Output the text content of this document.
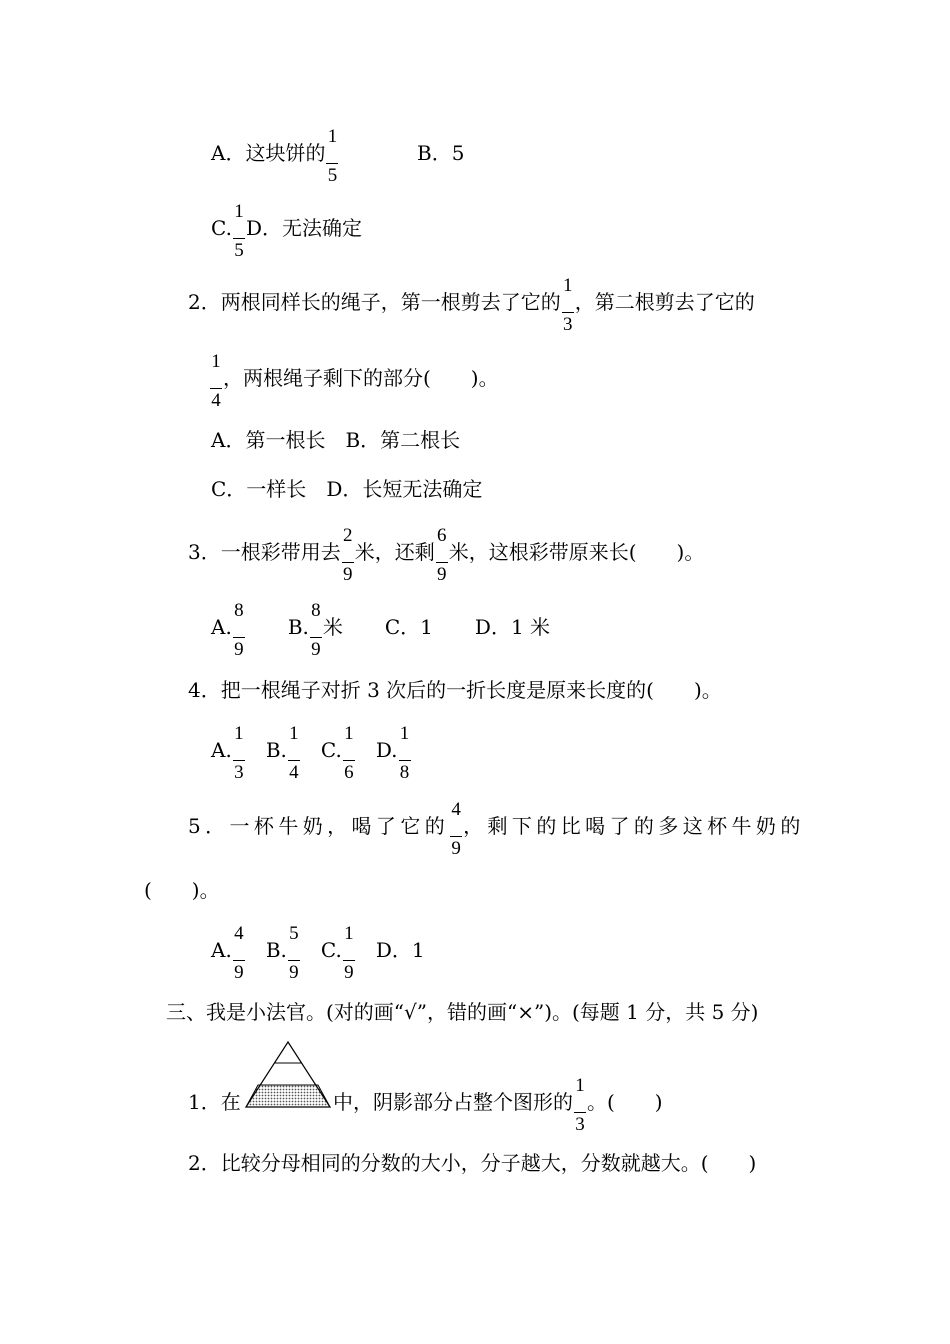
A．这块饼的 $\frac{1}{5}$	B．5
C. $\frac{1}{5}$ D．无法确定
2．两根同样长的绳子，第一根剪去了它的 $\frac{1}{3}$ ，第二根剪去了它的
$\frac{1}{4}$ ，两根绳子剩下的部分(　　)。
A．第一根长 B．第二根长
C．一样长 D．长短无法确定
3．一根彩带用去 $\frac{2}{9}$ 米，还剩 $\frac{6}{9}$ 米，这根彩带原来长(　　)。
A. $\frac{8}{9} B$. $\frac{8}{9}$ 米 C．1 D．1 米
4．把一根绳子对折 3 次后的一折长度是原来长度的(　　)。
A. $\frac{1}{3} B$. $\frac{1}{4} C$. $\frac{1}{6} D$. $\frac{1}{8}$
5．一杯牛奶，喝了它的 $\frac{4}{9}$ ，剩下的比喝了的多这杯牛奶的
(　　)。
A. $\frac{4}{9} B$. $\frac{5}{9} C$. $\frac{1}{9}$ D．1
三、我是小法官。(对的画“√”，错的画“×”)。(每题 1 分，共 5 分)
1．在	中，阴影部分占整个图形的 $\frac{1}{3}$ 。(　　)
2．比较分母相同的分数的大小，分子越大，分数就越大。(　　)
